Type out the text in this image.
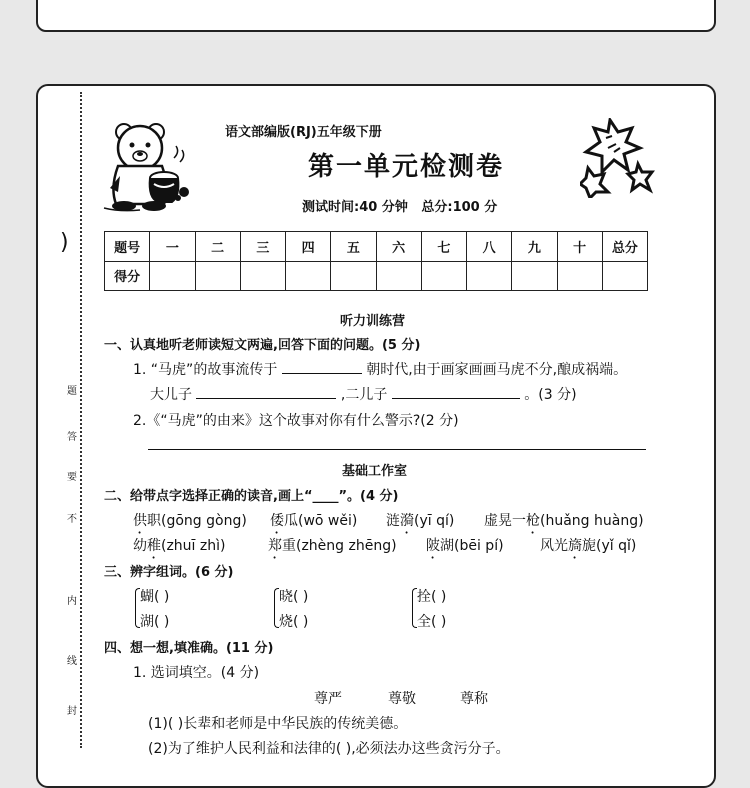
)
题
答
要
不
内
线
封
语文部编版(RJ)五年级下册
第一单元检测卷
测试时间:40 分钟   总分:100 分
题号	一	二	三	四	五	六	七	八	九	十	总分
得分											
听力训练营
一、认真地听老师读短文两遍,回答下面的问题。(5 分)
1. “马虎”的故事流传于	朝时代,由于画家画画马虎不分,酿成祸端。
大儿子	,二儿子	。(3 分)
2.《“马虎”的由来》这个故事对你有什么警示?(2 分)
基础工作室
二、给带点字选择正确的读音,画上“____”。(4 分)
供职(gōng gòng) 倭瓜(wō wěi) 涟漪(yī qí) 虚晃一枪(huǎng huàng)
幼稚(zhuī zhì)	郑重(zhèng zhēng) 陂湖(bēi pí)	风光旖旎(yǐ qǐ)
三、辨字组词。(6 分)
蝴( )
湖( )
晓( )
烧( )
拴( )
全( )
四、想一想,填准确。(11 分)
1. 选词填空。(4 分)
尊严	尊敬	尊称
(1)( )长辈和老师是中华民族的传统美德。
(2)为了维护人民利益和法律的( ),必须法办这些贪污分子。
